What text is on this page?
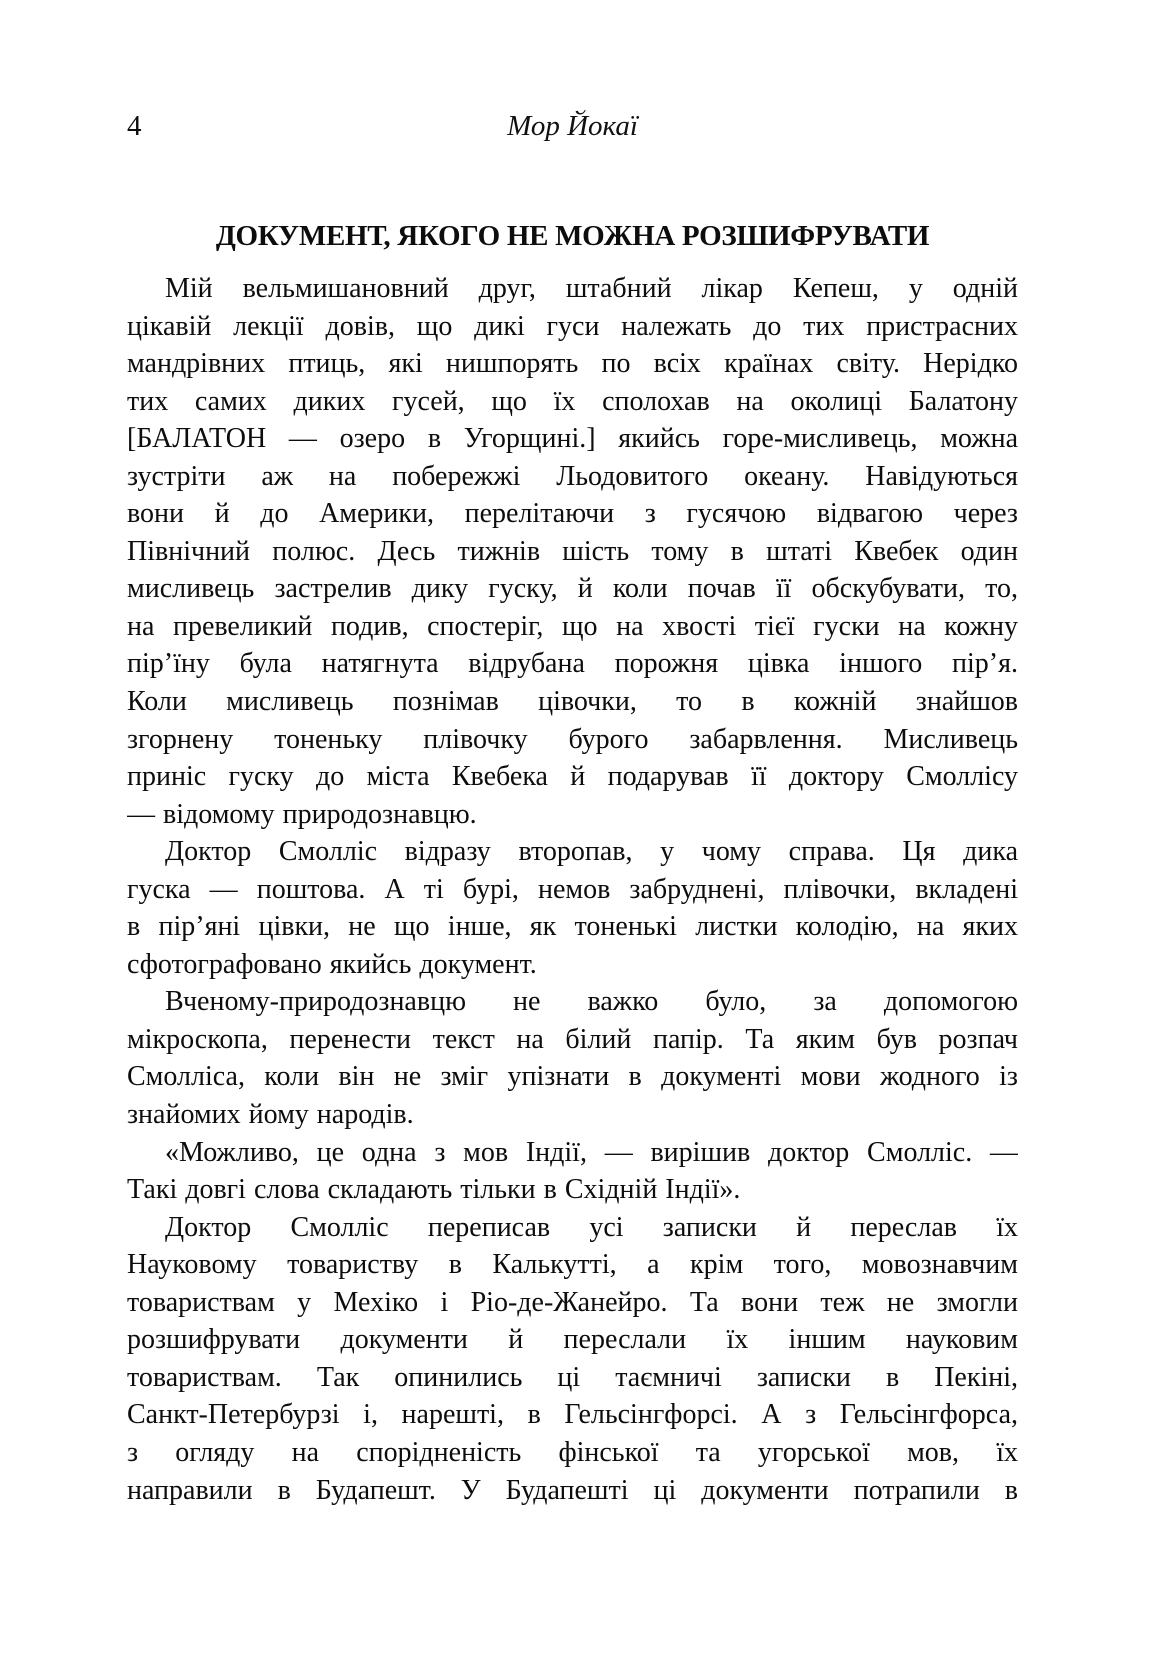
4	Мор Йокаї
ДОКУМЕНТ, ЯКОГО НЕ МОЖНА РОЗШИФРУВАТИ
Мій вельмишановний друг, штабний лікар Кепеш, у одній
цікавій лекції довів, що дикі гуси належать до тих пристрасних
мандрівних птиць, які нишпорять по всіх країнах світу. Нерідко
тих самих диких гусей, що їх сполохав на околиці Балатону
[БАЛАТОН — озеро в Угорщині.] якийсь горе-мисливець, можна
зустріти аж на побережжі Льодовитого океану. Навідуються
вони й до Америки, перелітаючи з гусячою відвагою через
Північний полюс. Десь тижнів шість тому в штаті Квебек один
мисливець застрелив дику гуску, й коли почав її обскубувати, то,
на превеликий подив, спостеріг, що на хвості тієї гуски на кожну
пір’їну була натягнута відрубана порожня цівка іншого пір’я.
Коли мисливець познімав цівочки, то в кожній знайшов
згорнену тоненьку плівочку бурого забарвлення. Мисливець
приніс гуску до міста Квебека й подарував її доктору Смоллісу
— відомому природознавцю.
Доктор Смолліс відразу второпав, у чому справа. Ця дика
гуска — поштова. А ті бурі, немов забруднені, плівочки, вкладені
в пір’яні цівки, не що інше, як тоненькі листки колодію, на яких
сфотографовано якийсь документ.
Вченому-природознавцю не важко було, за допомогою
мікроскопа, перенести текст на білий папір. Та яким був розпач
Смолліса, коли він не зміг упізнати в документі мови жодного із
знайомих йому народів.
«Можливо, це одна з мов Індії, — вирішив доктор Смолліс. —
Такі довгі слова складають тільки в Східній Індії».
Доктор Смолліс переписав усі записки й переслав їх
Науковому товариству в Калькутті, а крім того, мовознавчим
товариствам у Мехіко і Ріо-де-Жанейро. Та вони теж не змогли
розшифрувати документи й переслали їх іншим науковим
товариствам. Так опинились ці таємничі записки в Пекіні,
Санкт-Петербурзі і, нарешті, в Гельсінгфорсі. А з Гельсінгфорса,
з огляду на спорідненість фінської та угорської мов, їх
направили в Будапешт. У Будапешті ці документи потрапили в
